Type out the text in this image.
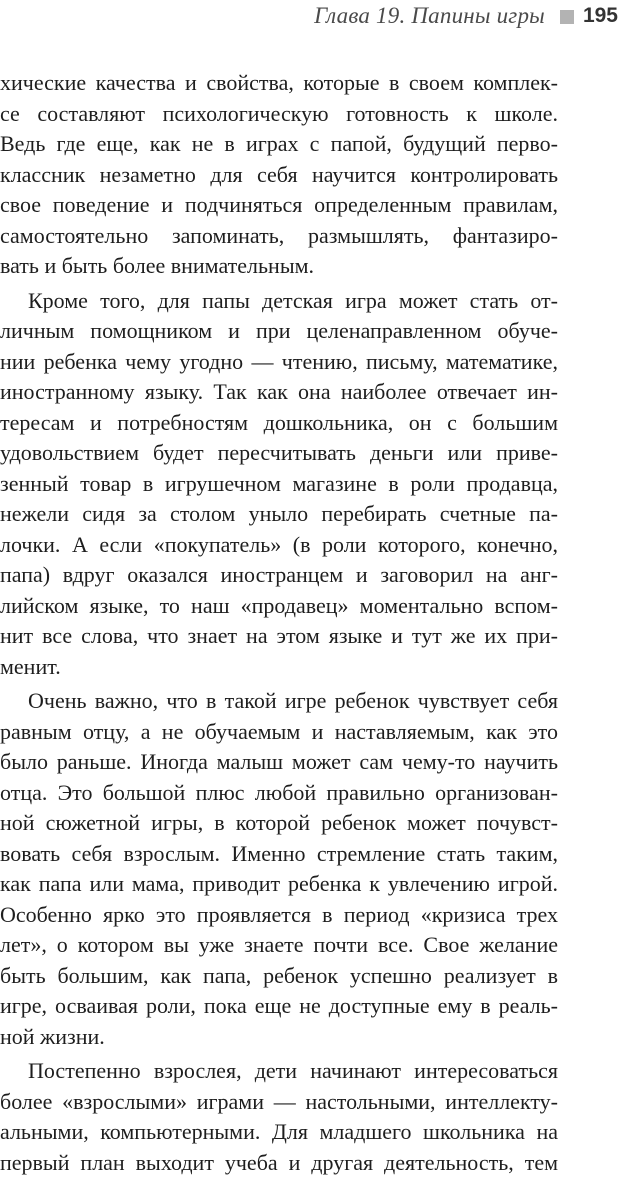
Глава 19. Папины игры 195
хические качества и свойства, которые в своем комплек-
се составляют психологическую готовность к школе.
Ведь где еще, как не в играх с папой, будущий перво-
классник незаметно для себя научится контролировать
свое поведение и подчиняться определенным правилам,
самостоятельно запоминать, размышлять, фантазиро-
вать и быть более внимательным.
Кроме того, для папы детская игра может стать от-
личным помощником и при целенаправленном обуче-
нии ребенка чему угодно — чтению, письму, математике,
иностранному языку. Так как она наиболее отвечает ин-
тересам и потребностям дошкольника, он с большим
удовольствием будет пересчитывать деньги или приве-
зенный товар в игрушечном магазине в роли продавца,
нежели сидя за столом уныло перебирать счетные па-
лочки. А если «покупатель» (в роли которого, конечно,
папа) вдруг оказался иностранцем и заговорил на анг-
лийском языке, то наш «продавец» моментально вспом-
нит все слова, что знает на этом языке и тут же их при-
менит.
Очень важно, что в такой игре ребенок чувствует себя
равным отцу, а не обучаемым и наставляемым, как это
было раньше. Иногда малыш может сам чему-то научить
отца. Это большой плюс любой правильно организован-
ной сюжетной игры, в которой ребенок может почувст-
вовать себя взрослым. Именно стремление стать таким,
как папа или мама, приводит ребенка к увлечению игрой.
Особенно ярко это проявляется в период «кризиса трех
лет», о котором вы уже знаете почти все. Свое желание
быть большим, как папа, ребенок успешно реализует в
игре, осваивая роли, пока еще не доступные ему в реаль-
ной жизни.
Постепенно взрослея, дети начинают интересоваться
более «взрослыми» играми — настольными, интеллекту-
альными, компьютерными. Для младшего школьника на
первый план выходит учеба и другая деятельность, тем
